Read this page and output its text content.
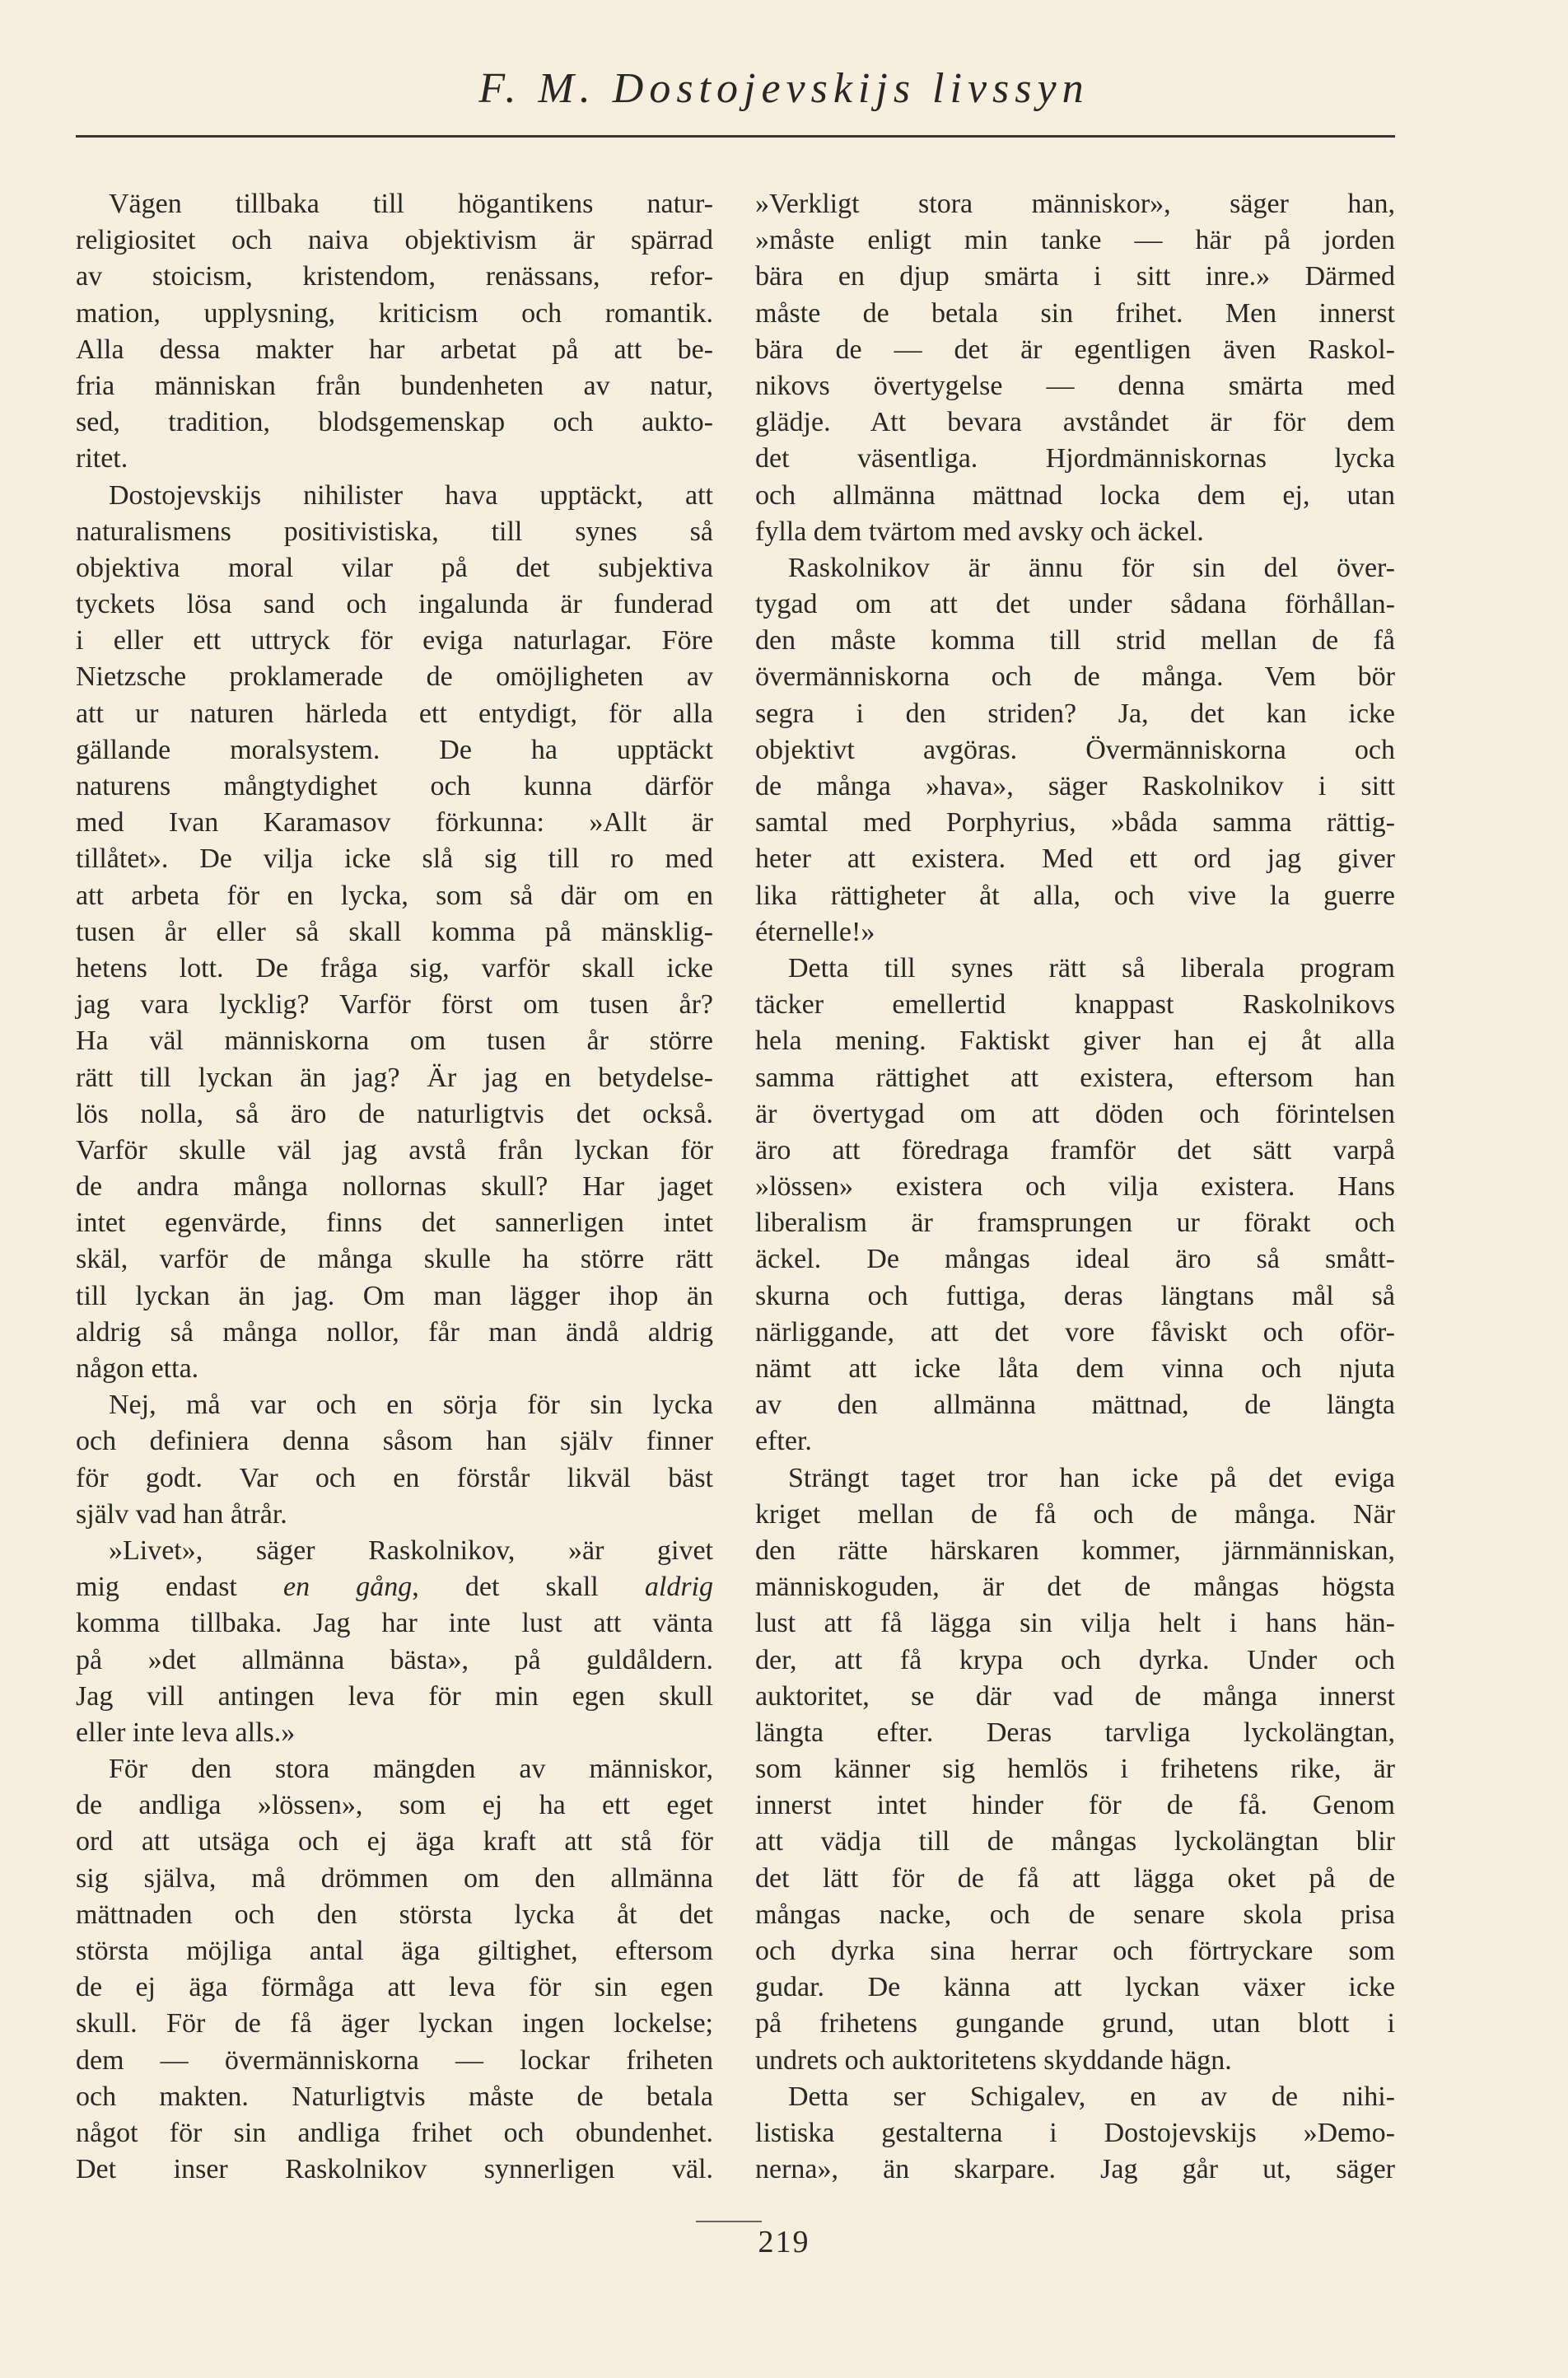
F. M. Dostojevskijs livssyn
Vägen tillbaka till högantikens natur-
religiositet och naiva objektivism är spärrad
av stoicism, kristendom, renässans, refor-
mation, upplysning, kriticism och romantik.
Alla dessa makter har arbetat på att be-
fria människan från bundenheten av natur,
sed, tradition, blodsgemenskap och aukto-
ritet.
Dostojevskijs nihilister hava upptäckt, att
naturalismens positivistiska, till synes så
objektiva moral vilar på det subjektiva
tyckets lösa sand och ingalunda är funderad
i eller ett uttryck för eviga naturlagar. Före
Nietzsche proklamerade de omöjligheten av
att ur naturen härleda ett entydigt, för alla
gällande moralsystem. De ha upptäckt
naturens mångtydighet och kunna därför
med Ivan Karamasov förkunna: »Allt är
tillåtet». De vilja icke slå sig till ro med
att arbeta för en lycka, som så där om en
tusen år eller så skall komma på mänsklig-
hetens lott. De fråga sig, varför skall icke
jag vara lycklig? Varför först om tusen år?
Ha väl människorna om tusen år större
rätt till lyckan än jag? Är jag en betydelse-
lös nolla, så äro de naturligtvis det också.
Varför skulle väl jag avstå från lyckan för
de andra många nollornas skull? Har jaget
intet egenvärde, finns det sannerligen intet
skäl, varför de många skulle ha större rätt
till lyckan än jag. Om man lägger ihop än
aldrig så många nollor, får man ändå aldrig
någon etta.
Nej, må var och en sörja för sin lycka
och definiera denna såsom han själv finner
för godt. Var och en förstår likväl bäst
själv vad han åtrår.
»Livet», säger Raskolnikov, »är givet
mig endast en gång, det skall aldrig
komma tillbaka. Jag har inte lust att vänta
på »det allmänna bästa», på guldåldern.
Jag vill antingen leva för min egen skull
eller inte leva alls.»
För den stora mängden av människor,
de andliga »lössen», som ej ha ett eget
ord att utsäga och ej äga kraft att stå för
sig själva, må drömmen om den allmänna
mättnaden och den största lycka åt det
största möjliga antal äga giltighet, eftersom
de ej äga förmåga att leva för sin egen
skull. För de få äger lyckan ingen lockelse;
dem — övermänniskorna — lockar friheten
och makten. Naturligtvis måste de betala
något för sin andliga frihet och obundenhet.
Det inser Raskolnikov synnerligen väl.
»Verkligt stora människor», säger han,
»måste enligt min tanke — här på jorden
bära en djup smärta i sitt inre.» Därmed
måste de betala sin frihet. Men innerst
bära de — det är egentligen även Raskol-
nikovs övertygelse — denna smärta med
glädje. Att bevara avståndet är för dem
det väsentliga. Hjordmänniskornas lycka
och allmänna mättnad locka dem ej, utan
fylla dem tvärtom med avsky och äckel.
Raskolnikov är ännu för sin del över-
tygad om att det under sådana förhållan-
den måste komma till strid mellan de få
övermänniskorna och de många. Vem bör
segra i den striden? Ja, det kan icke
objektivt avgöras. Övermänniskorna och
de många »hava», säger Raskolnikov i sitt
samtal med Porphyrius, »båda samma rättig-
heter att existera. Med ett ord jag giver
lika rättigheter åt alla, och vive la guerre
éternelle!»
Detta till synes rätt så liberala program
täcker emellertid knappast Raskolnikovs
hela mening. Faktiskt giver han ej åt alla
samma rättighet att existera, eftersom han
är övertygad om att döden och förintelsen
äro att föredraga framför det sätt varpå
»lössen» existera och vilja existera. Hans
liberalism är framsprungen ur förakt och
äckel. De mångas ideal äro så smått-
skurna och futtiga, deras längtans mål så
närliggande, att det vore fåviskt och oför-
nämt att icke låta dem vinna och njuta
av den allmänna mättnad, de längta
efter.
Strängt taget tror han icke på det eviga
kriget mellan de få och de många. När
den rätte härskaren kommer, järnmänniskan,
människoguden, är det de mångas högsta
lust att få lägga sin vilja helt i hans hän-
der, att få krypa och dyrka. Under och
auktoritet, se där vad de många innerst
längta efter. Deras tarvliga lyckolängtan,
som känner sig hemlös i frihetens rike, är
innerst intet hinder för de få. Genom
att vädja till de mångas lyckolängtan blir
det lätt för de få att lägga oket på de
mångas nacke, och de senare skola prisa
och dyrka sina herrar och förtryckare som
gudar. De känna att lyckan växer icke
på frihetens gungande grund, utan blott i
undrets och auktoritetens skyddande hägn.
Detta ser Schigalev, en av de nihi-
listiska gestalterna i Dostojevskijs »Demo-
nerna», än skarpare. Jag går ut, säger
219
